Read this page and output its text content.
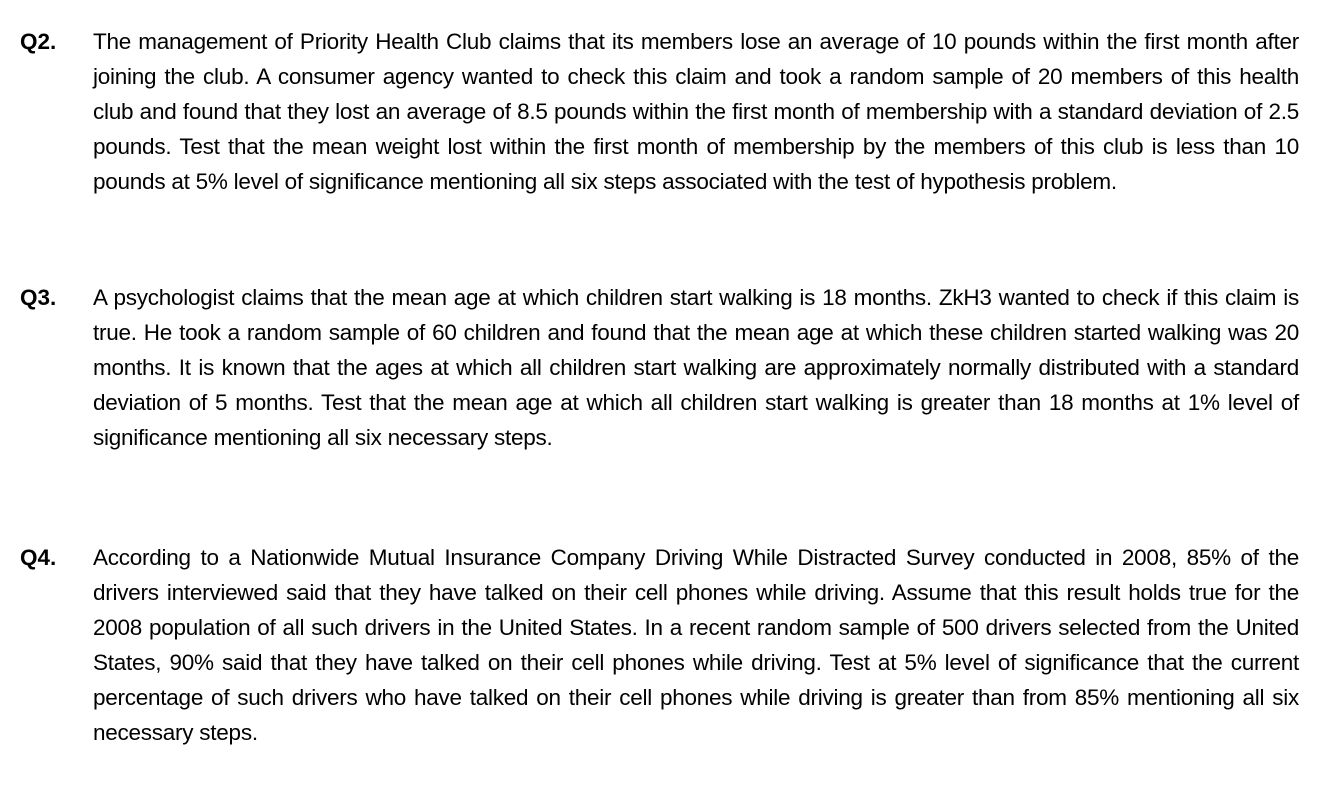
Q2. The management of Priority Health Club claims that its members lose an average of 10 pounds within the first month after joining the club. A consumer agency wanted to check this claim and took a random sample of 20 members of this health club and found that they lost an average of 8.5 pounds within the first month of membership with a standard deviation of 2.5 pounds. Test that the mean weight lost within the first month of membership by the members of this club is less than 10 pounds at 5% level of significance mentioning all six steps associated with the test of hypothesis problem.

Q3. A psychologist claims that the mean age at which children start walking is 18 months. ZkH3 wanted to check if this claim is true. He took a random sample of 60 children and found that the mean age at which these children started walking was 20 months. It is known that the ages at which all children start walking are approximately normally distributed with a standard deviation of 5 months. Test that the mean age at which all children start walking is greater than 18 months at 1% level of significance mentioning all six necessary steps.

Q4. According to a Nationwide Mutual Insurance Company Driving While Distracted Survey conducted in 2008, 85% of the drivers interviewed said that they have talked on their cell phones while driving. Assume that this result holds true for the 2008 population of all such drivers in the United States. In a recent random sample of 500 drivers selected from the United States, 90% said that they have talked on their cell phones while driving. Test at 5% level of significance that the current percentage of such drivers who have talked on their cell phones while driving is greater than from 85% mentioning all six necessary steps.
